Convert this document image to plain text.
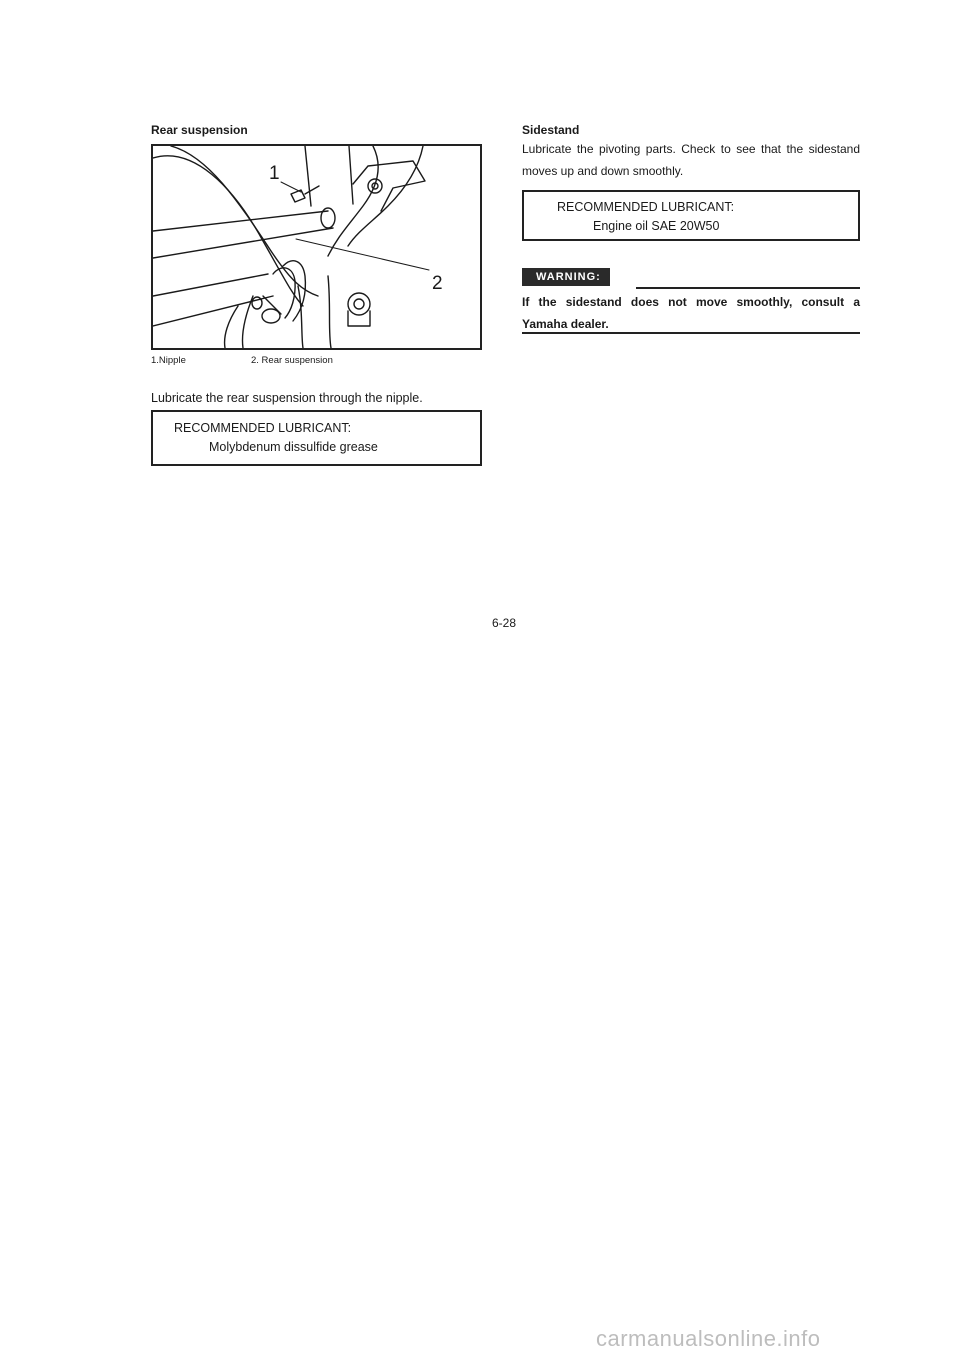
Rear suspension
1
2
1.Nipple	2. Rear suspension
Lubricate the rear suspension through the nipple.
RECOMMENDED LUBRICANT:
Molybdenum dissulfide grease
Sidestand
Lubricate the pivoting parts. Check to see that the sidestand moves up and down smoothly.
RECOMMENDED LUBRICANT:
Engine oil SAE 20W50
WARNING:
If the sidestand does not move smoothly, consult a Yamaha dealer.
6-28
carmanualsonline.info
